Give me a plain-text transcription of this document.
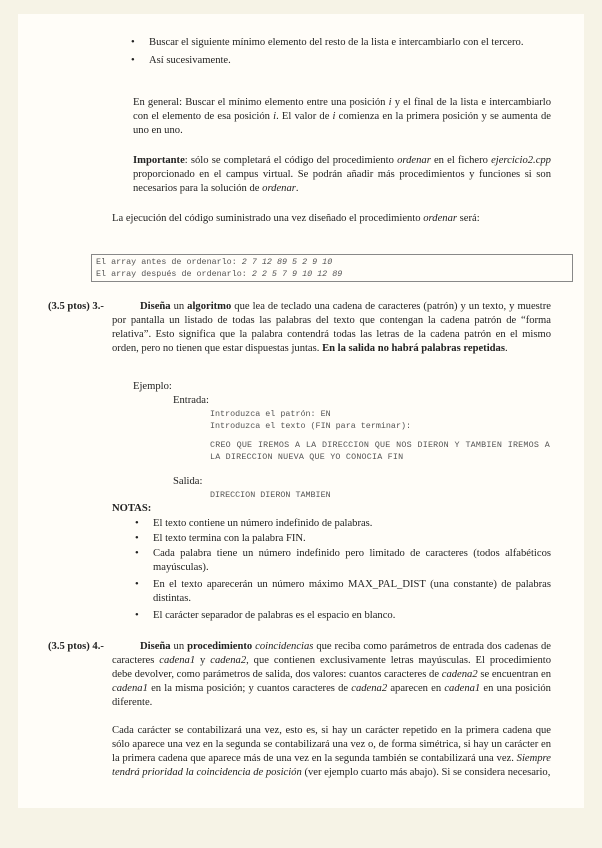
• Buscar el siguiente mínimo elemento del resto de la lista e intercambiarlo con el tercero.
• Así sucesivamente.
En general: Buscar el mínimo elemento entre una posición i y el final de la lista e intercambiarlo con el elemento de esa posición i. El valor de i comienza en la primera posición y se aumenta de uno en uno.
Importante: sólo se completará el código del procedimiento ordenar en el fichero ejercicio2.cpp proporcionado en el campus virtual. Se podrán añadir más procedimientos y funciones si son necesarios para la solución de ordenar.
La ejecución del código suministrado una vez diseñado el procedimiento ordenar será:
El array antes de ordenarlo: 2 7 12 89 5 2 9 10
El array después de ordenarlo: 2 2 5 7 9 10 12 89
(3.5 ptos) 3.-	Diseña un algoritmo que lea de teclado una cadena de caracteres (patrón) y un texto, y muestre por pantalla un listado de todas las palabras del texto que contengan la cadena patrón de “forma relativa”. Esto significa que la palabra contendrá todas las letras de la cadena patrón en el mismo orden, pero no tienen que estar dispuestas juntas. En la salida no habrá palabras repetidas.
Ejemplo:
Entrada:
Introduzca el patrón: EN
Introduzca el texto (FIN para terminar):
CREO QUE IREMOS A LA DIRECCION QUE NOS DIERON Y TAMBIEN IREMOS A LA DIRECCION NUEVA QUE YO CONOCIA FIN
Salida:
DIRECCION DIERON TAMBIEN
NOTAS:
• El texto contiene un número indefinido de palabras.
• El texto termina con la palabra FIN.
• Cada palabra tiene un número indefinido pero limitado de caracteres (todos alfabéticos mayúsculas).
• En el texto aparecerán un número máximo MAX_PAL_DIST (una constante) de palabras distintas.
• El carácter separador de palabras es el espacio en blanco.
(3.5 ptos) 4.-	Diseña un procedimiento coincidencias que reciba como parámetros de entrada dos cadenas de caracteres cadena1 y cadena2, que contienen exclusivamente letras mayúsculas. El procedimiento debe devolver, como parámetros de salida, dos valores: cuantos caracteres de cadena2 se encuentran en cadena1 en la misma posición; y cuantos caracteres de cadena2 aparecen en cadena1 en una posición diferente.
Cada carácter se contabilizará una vez, esto es, si hay un carácter repetido en la primera cadena que sólo aparece una vez en la segunda se contabilizará una vez o, de forma simétrica, si hay un carácter en la primera cadena que aparece más de una vez en la segunda también se contabilizará una vez. Siempre tendrá prioridad la coincidencia de posición (ver ejemplo cuarto más abajo). Si se considera necesario,
